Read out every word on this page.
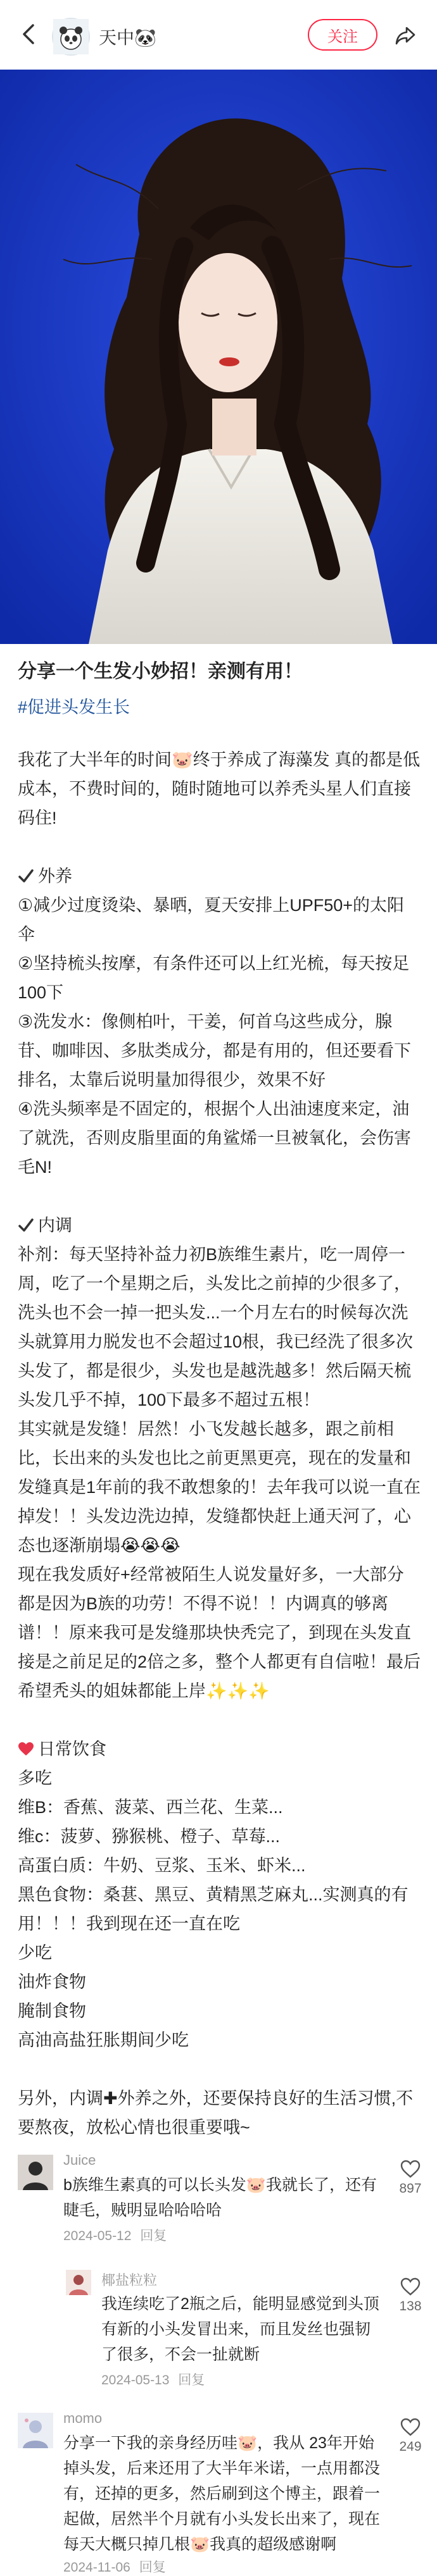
天中🐼	关注
分享一个生发小妙招！亲测有用！
#促进头发生长

我花了大半年的时间🐷终于养成了海藻发 真的都是低成本，不费时间的，随时随地可以养秃头星人们直接码住!

外养

①减少过度烫染、暴晒，夏天安排上UPF50+的太阳伞

②坚持梳头按摩，有条件还可以上红光梳，每天按足100下

③洗发水：像侧柏叶，干姜，何首乌这些成分，腺苷、咖啡因、多肽类成分，都是有用的，但还要看下排名，太靠后说明量加得很少，效果不好

④洗头频率是不固定的，根据个人出油速度来定，油了就洗，否则皮脂里面的角鲨烯一旦被氧化，会伤害毛N!

内调

补剂：每天坚持补益力初B族维生素片，吃一周停一周，吃了一个星期之后，头发比之前掉的少很多了，洗头也不会一掉一把头发...一个月左右的时候每次洗头就算用力脱发也不会超过10根，我已经洗了很多次头发了，都是很少，头发也是越洗越多！然后隔天梳头发几乎不掉，100下最多不超过五根！

其实就是发缝！居然！小飞发越长越多，跟之前相比，长出来的头发也比之前更黑更亮，现在的发量和发缝真是1年前的我不敢想象的！去年我可以说一直在掉发！！头发边洗边掉，发缝都快赶上通天河了，心态也逐渐崩塌😭😭😭

现在我发质好+经常被陌生人说发量好多，一大部分都是因为B族的功劳！不得不说！！内调真的够离谱！！原来我可是发缝那块快秃完了，到现在头发直接是之前足足的2倍之多，整个人都更有自信啦！最后希望秃头的姐妹都能上岸✨✨✨

日常饮食

多吃

维B：香蕉、菠菜、西兰花、生菜...

维c：菠萝、猕猴桃、橙子、草莓...

高蛋白质：牛奶、豆浆、玉米、虾米...

黑色食物：桑葚、黑豆、黄精黑芝麻丸...实测真的有用！！！我到现在还一直在吃

少吃

油炸食物

腌制食物

高油高盐狂胀期间少吃

另外，内调✚外养之外，还要保持良好的生活习惯,不要熬夜，放松心情也很重要哦~

Juice
b族维生素真的可以长头发🐷我就长了，还有睫毛，贼明显哈哈哈哈
2024-05-12 回复
897
椰盐粒粒
我连续吃了2瓶之后，能明显感觉到头顶有新的小头发冒出来，而且发丝也强韧了很多，不会一扯就断
2024-05-13 回复
138
momo
分享一下我的亲身经历哇🐷，我从 23年开始掉头发，后来还用了大半年米诺，一点用都没有，还掉的更多，然后刷到这个博主，跟着一起做，居然半个月就有小头发长出来了，现在每天大概只掉几根🐷我真的超级感谢啊
2024-11-06 回复
249
